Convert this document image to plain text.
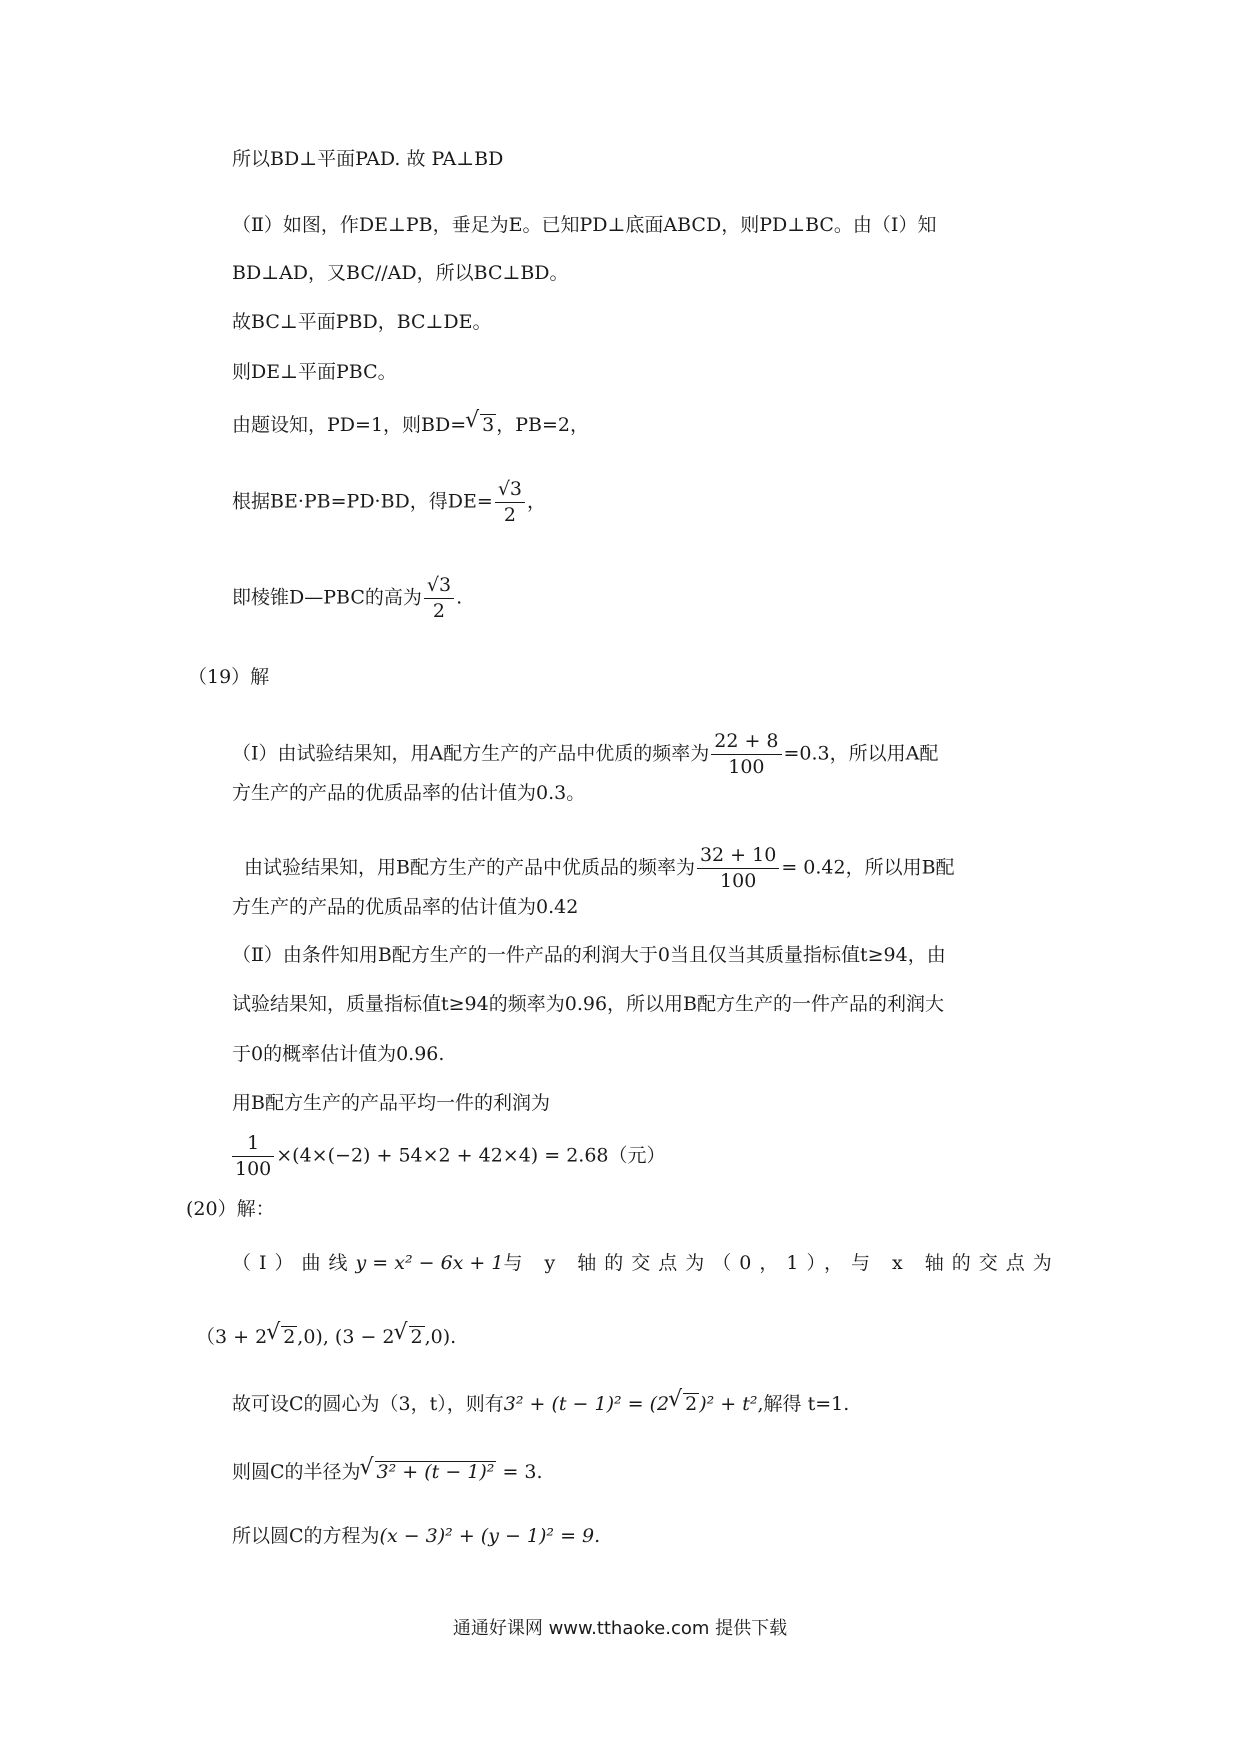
所以BD⊥平面PAD. 故 PA⊥BD
（Ⅱ）如图，作DE⊥PB，垂足为E。已知PD⊥底面ABCD，则PD⊥BC。由（Ⅰ）知
BD⊥AD，又BC//AD，所以BC⊥BD。
故BC⊥平面PBD，BC⊥DE。
则DE⊥平面PBC。
由题设知，PD=1，则BD= √ 3 ，PB=2，
根据BE·PB=PD·BD，得$DE= \frac{√3}{2}$ ，
即棱锥D—PBC的高为 $\frac{√3}{2}$ .
（19）解
（Ⅰ）由试验结果知，用A配方生产的产品中优质的频率为 $\frac{22 + 8}{100} =0.3$，所以用A配
方生产的产品的优质品率的估计值为0.3。
由试验结果知，用B配方生产的产品中优质品的频率为 $\frac{32 + 10}{100} = 0.42$，所以用B配
方生产的产品的优质品率的估计值为0.42
（Ⅱ）由条件知用B配方生产的一件产品的利润大于0当且仅当其质量指标值t≥94，由
试验结果知，质量指标值t≥94的频率为0.96，所以用B配方生产的一件产品的利润大
于0的概率估计值为0.96.
用B配方生产的产品平均一件的利润为
$\frac{1}{100} \times(4\times(-2) + 54\times 2 + 42\times 4) = 2.68$（元）
(20）解：
（Ⅰ）曲线y = x² − 6x + 1与 y 轴的交点为（0，1），与 x 轴的交点为
（3 + 2 √ 2 ,0), (3 − 2 √ 2 ,0).
故可设C的圆心为（3，t），则有3² + (t − 1)² = (2 √ 2 )² + t²,解得 t=1.
则圆C的半径为 √ 3² + (t − 1)² = 3.
所以圆C的方程为(x − 3)² + (y − 1)² = 9.
通通好课网 www.tthaoke.com 提供下载
